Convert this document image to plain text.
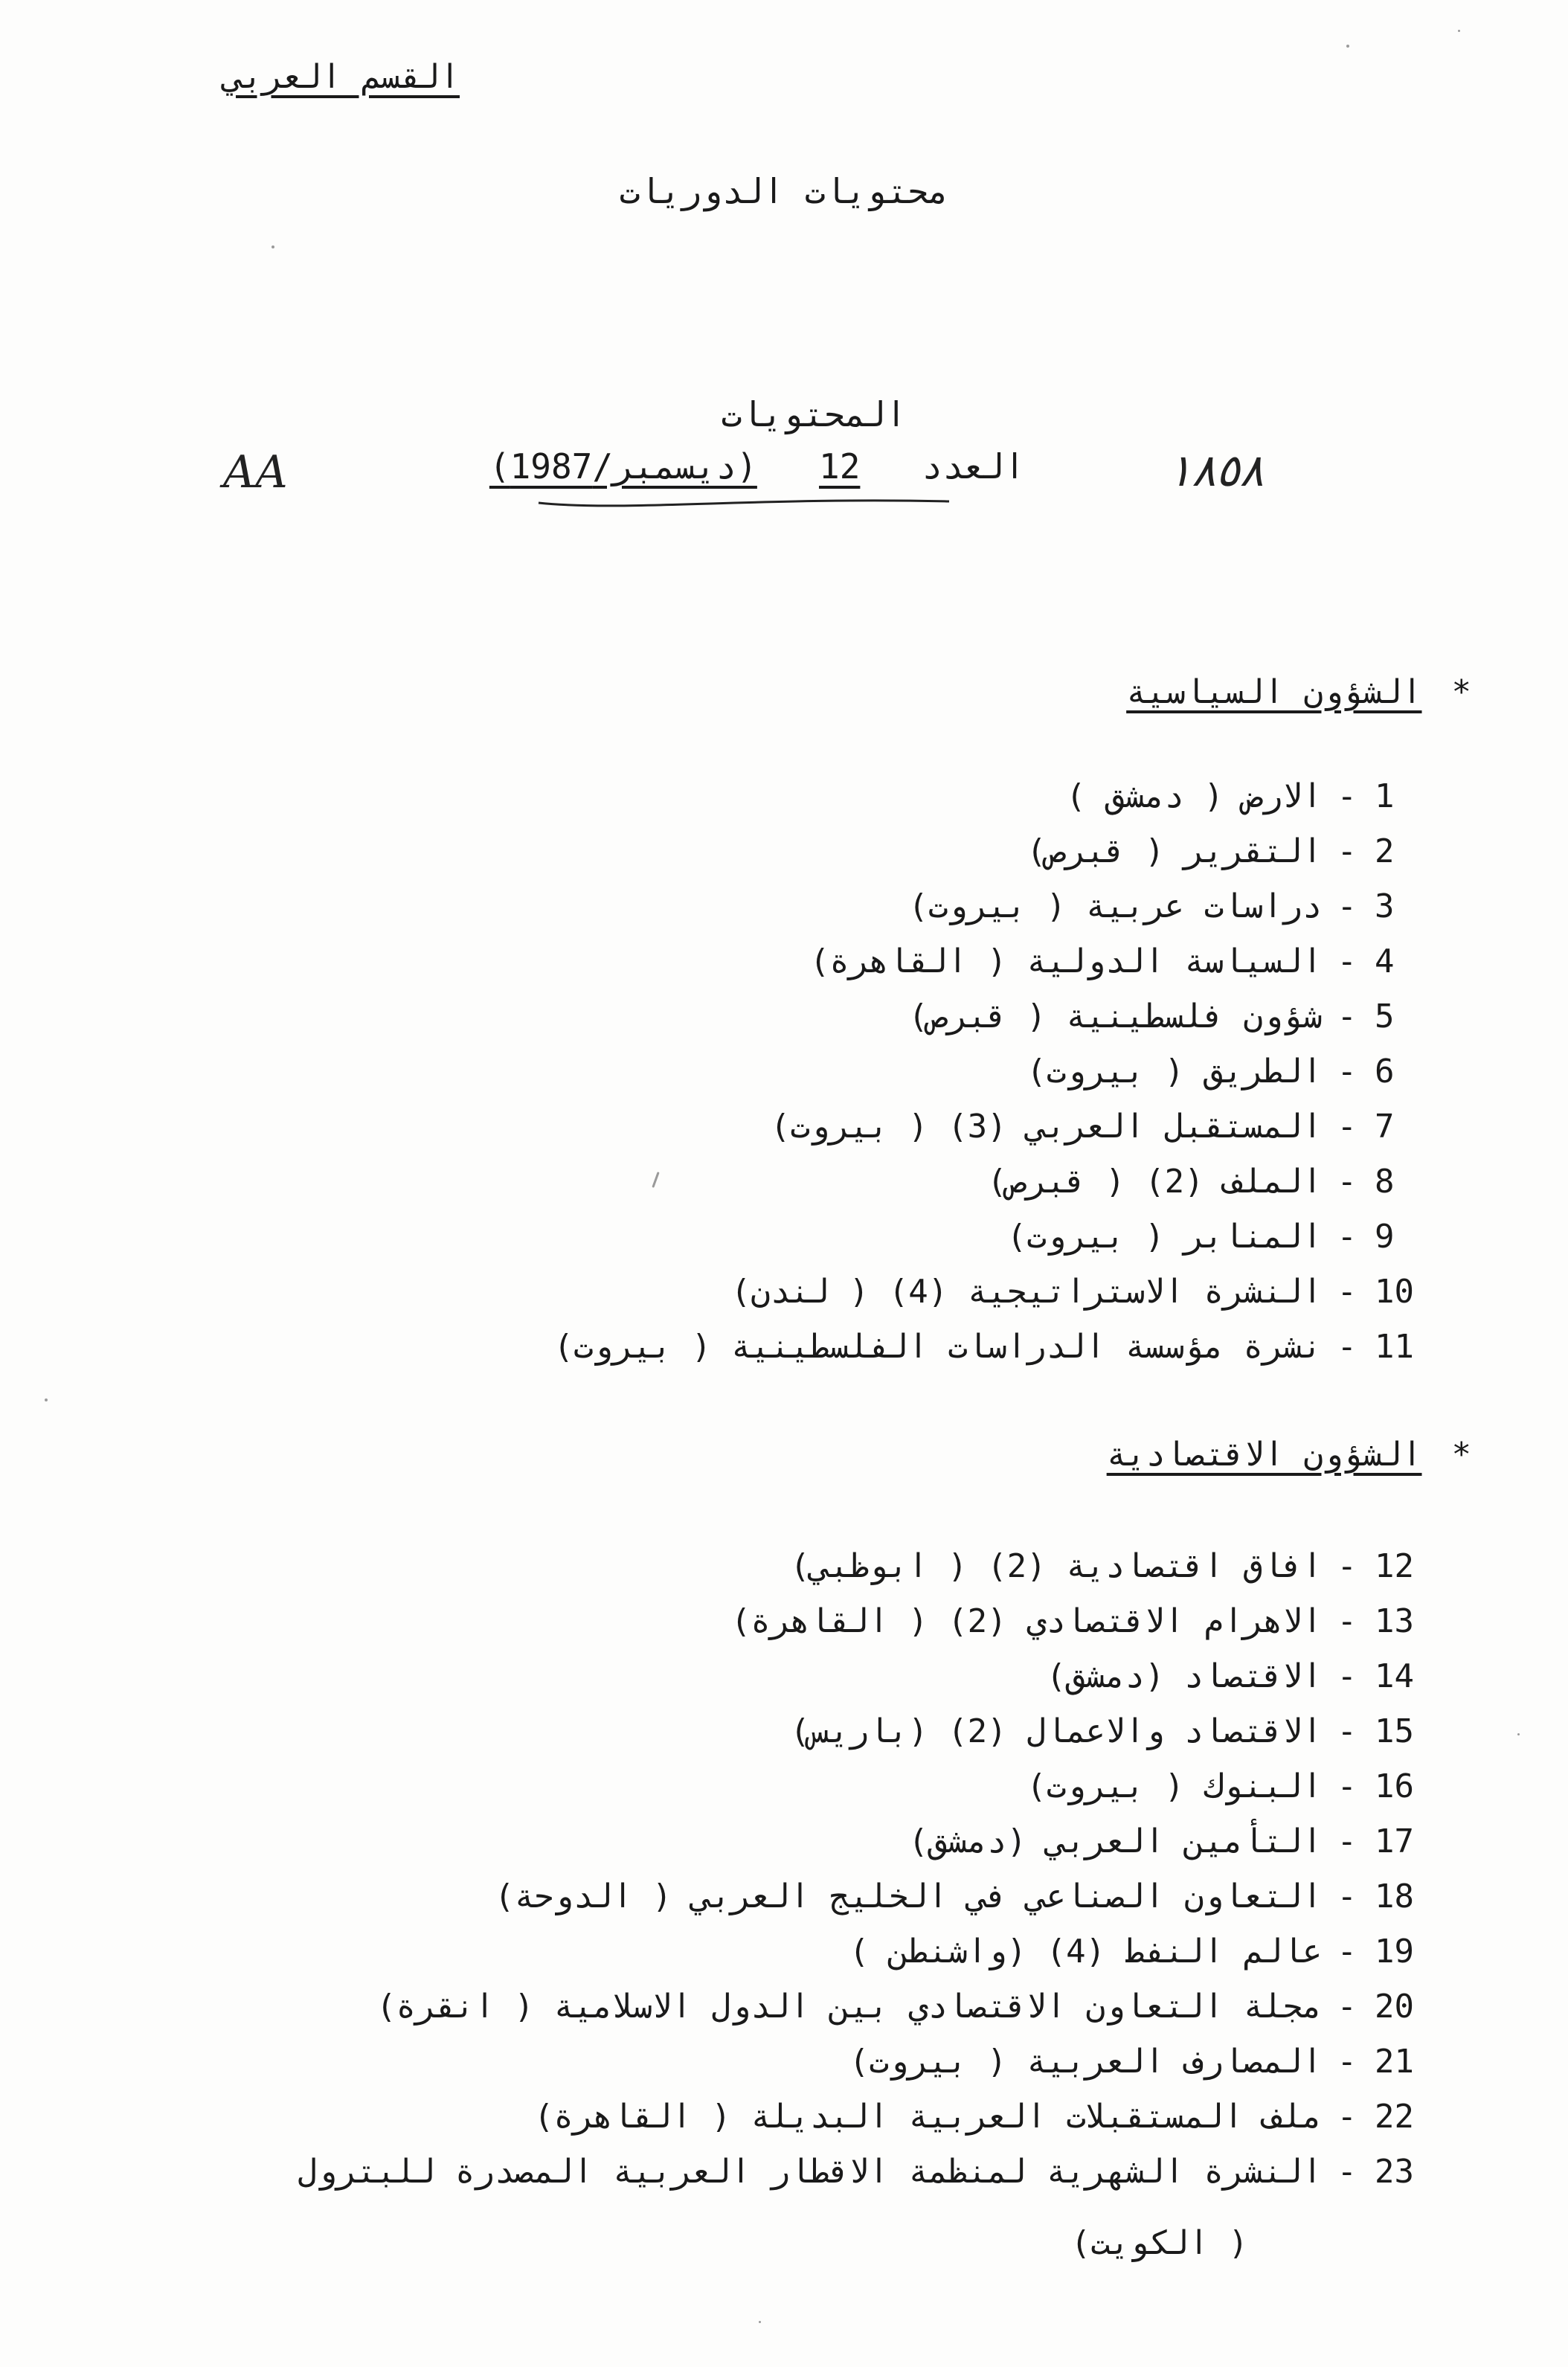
القسم العربي
محتويات الدوريات
المحتويات
العدد   12   (ديسمبر/1987)
AA	١٨٥٨
*الشؤون السياسية
1-الارض ( دمشق )
2-التقرير ( قبرص)
3-دراسات عربية ( بيروت)
4-السياسة الدولية ( القاهرة)
5-شؤون فلسطينية ( قبرص)
6-الطريق ( بيروت)
7-المستقبل العربي (3) ( بيروت)
8-الملف (2) ( قبرص)
9-المنابر ( بيروت)
10-النشرة الاستراتيجية (4) ( لندن)
11-نشرة مؤسسة الدراسات الفلسطينية ( بيروت)
*الشؤون الاقتصادية
12-افاق اقتصادية (2) ( ابوظبي)
13-الاهرام الاقتصادي (2) ( القاهرة)
14-الاقتصاد (دمشق)
15-الاقتصاد والاعمال (2) (باريس)
16-البنوك ( بيروت)
17-التأمين العربي (دمشق)
18-التعاون الصناعي في الخليج العربي ( الدوحة)
19-عالم النفط (4) (واشنطن )
20-مجلة التعاون الاقتصادي بين الدول الاسلامية ( انقرة)
21-المصارف العربية ( بيروت)
22-ملف المستقبلات العربية البديلة ( القاهرة)
23-النشرة الشهرية لمنظمة الاقطار العربية المصدرة للبترول
( الكويت)
